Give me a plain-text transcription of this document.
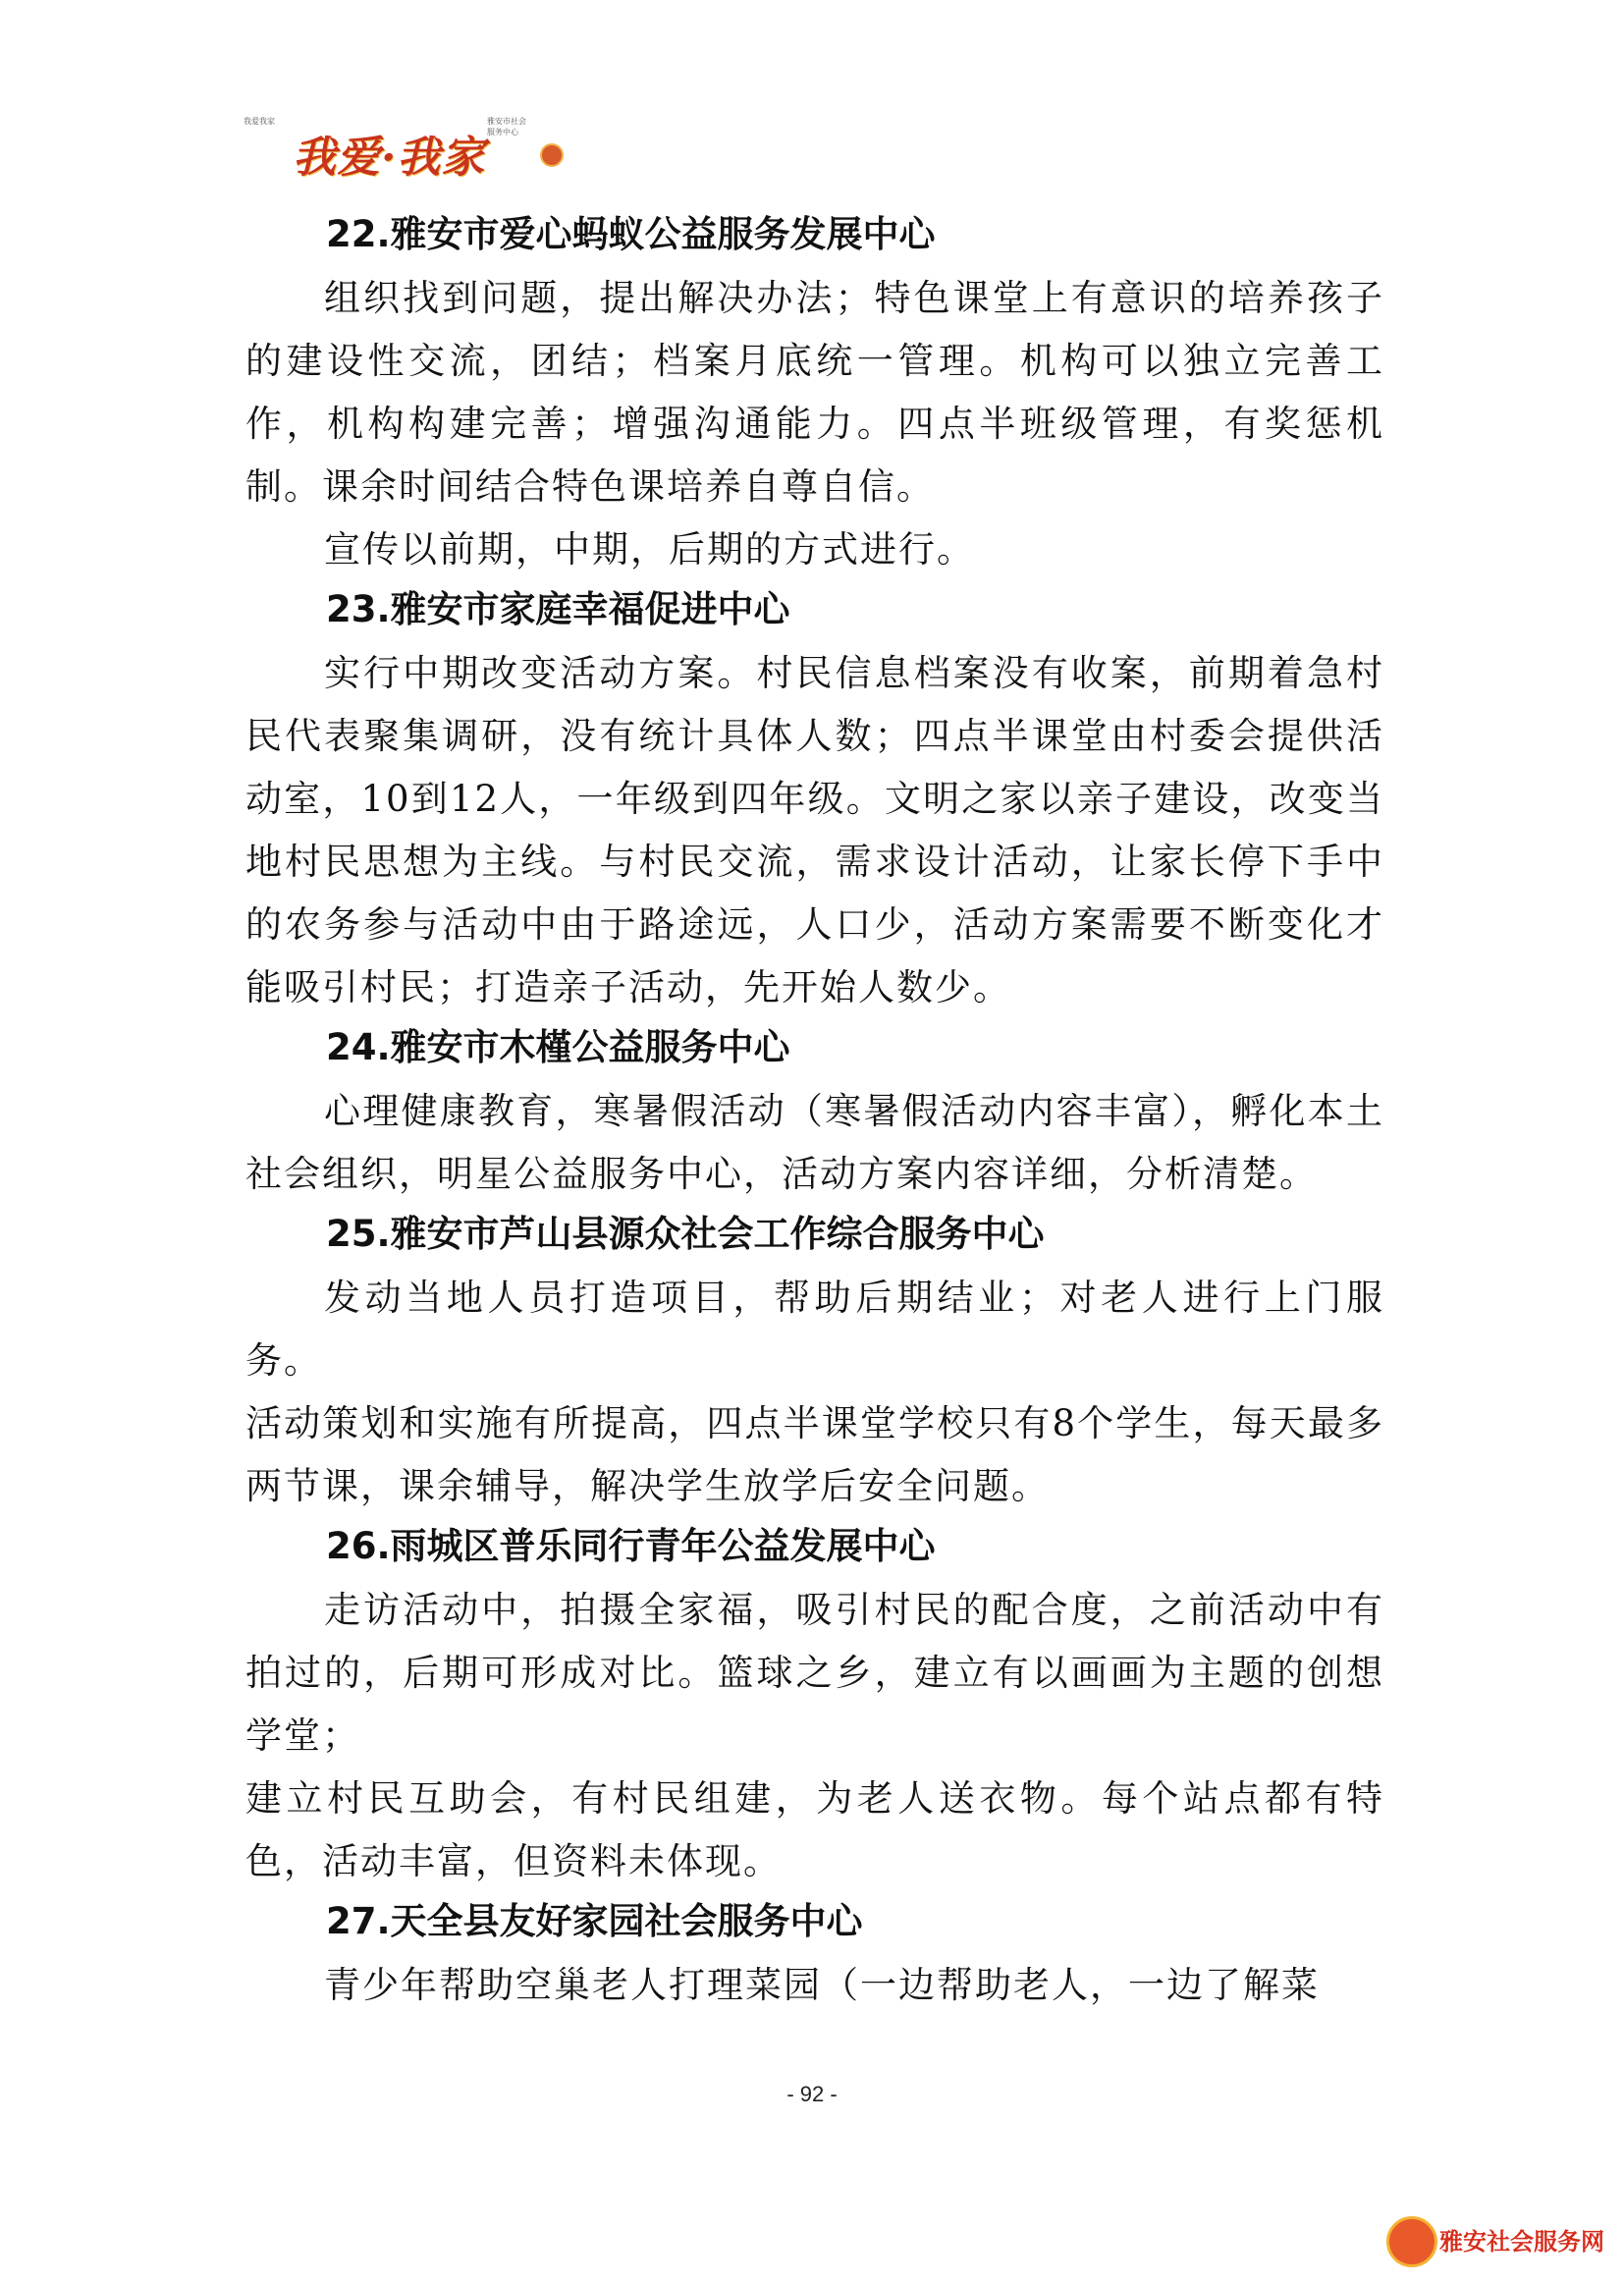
我爱我家
我爱·我家
雅安市社会服务中心
22.雅安市爱心蚂蚁公益服务发展中心

组织找到问题，提出解决办法；特色课堂上有意识的培养孩子的建设性交流，团结；档案月底统一管理。机构可以独立完善工作，机构构建完善；增强沟通能力。四点半班级管理，有奖惩机制。课余时间结合特色课培养自尊自信。

宣传以前期，中期，后期的方式进行。

23.雅安市家庭幸福促进中心

实行中期改变活动方案。村民信息档案没有收案，前期着急村民代表聚集调研，没有统计具体人数；四点半课堂由村委会提供活动室，10到12人，一年级到四年级。文明之家以亲子建设，改变当地村民思想为主线。与村民交流，需求设计活动，让家长停下手中的农务参与活动中由于路途远，人口少，活动方案需要不断变化才能吸引村民；打造亲子活动，先开始人数少。

24.雅安市木槿公益服务中心

心理健康教育，寒暑假活动（寒暑假活动内容丰富），孵化本土社会组织，明星公益服务中心，活动方案内容详细，分析清楚。

25.雅安市芦山县源众社会工作综合服务中心

发动当地人员打造项目，帮助后期结业；对老人进行上门服务。

活动策划和实施有所提高，四点半课堂学校只有8个学生，每天最多两节课，课余辅导，解决学生放学后安全问题。

26.雨城区普乐同行青年公益发展中心

走访活动中，拍摄全家福，吸引村民的配合度，之前活动中有拍过的，后期可形成对比。篮球之乡，建立有以画画为主题的创想学堂；

建立村民互助会，有村民组建，为老人送衣物。每个站点都有特色，活动丰富，但资料未体现。

27.天全县友好家园社会服务中心

青少年帮助空巢老人打理菜园（一边帮助老人，一边了解菜

- 92 -
雅安社会服务网
